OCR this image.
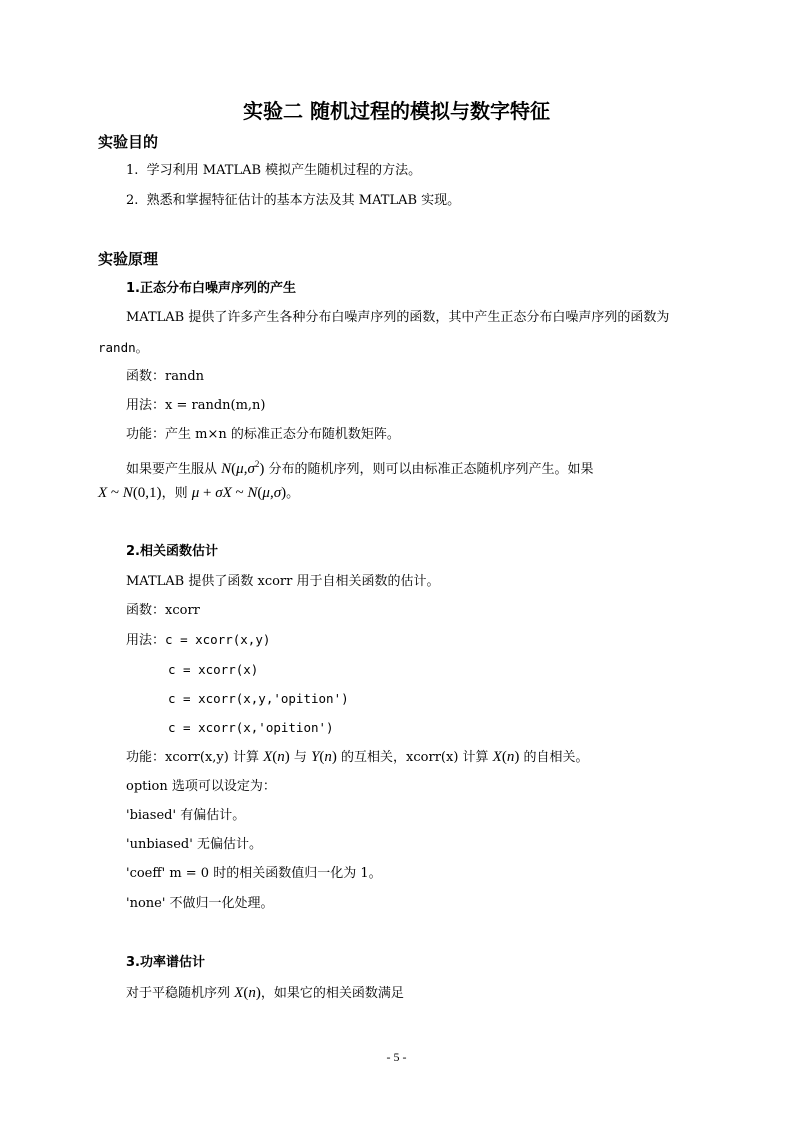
实验二 随机过程的模拟与数字特征
实验目的
1. 学习利用 MATLAB 模拟产生随机过程的方法。
2. 熟悉和掌握特征估计的基本方法及其 MATLAB 实现。
实验原理
1.正态分布白噪声序列的产生
MATLAB 提供了许多产生各种分布白噪声序列的函数，其中产生正态分布白噪声序列的函数为
randn。
函数：randn
用法：x = randn(m,n)
功能：产生 m×n 的标准正态分布随机数矩阵。
如果要产生服从 $N(\mu,\sigma^2)$ 分布的随机序列，则可以由标准正态随机序列产生。如果
X ~ N(0,1)，则 μ + σX ~ N(μ,σ)。
2.相关函数估计
MATLAB 提供了函数 xcorr 用于自相关函数的估计。
函数：xcorr
用法：c = xcorr(x,y)
c = xcorr(x)
c = xcorr(x,y,'opition')
c = xcorr(x,'opition')
功能：xcorr(x,y) 计算 X(n) 与 Y(n) 的互相关，xcorr(x) 计算 X(n) 的自相关。
option 选项可以设定为：
'biased' 有偏估计。
'unbiased' 无偏估计。
'coeff' m = 0 时的相关函数值归一化为 1。
'none' 不做归一化处理。
3.功率谱估计
对于平稳随机序列 X(n)，如果它的相关函数满足
- 5 -
